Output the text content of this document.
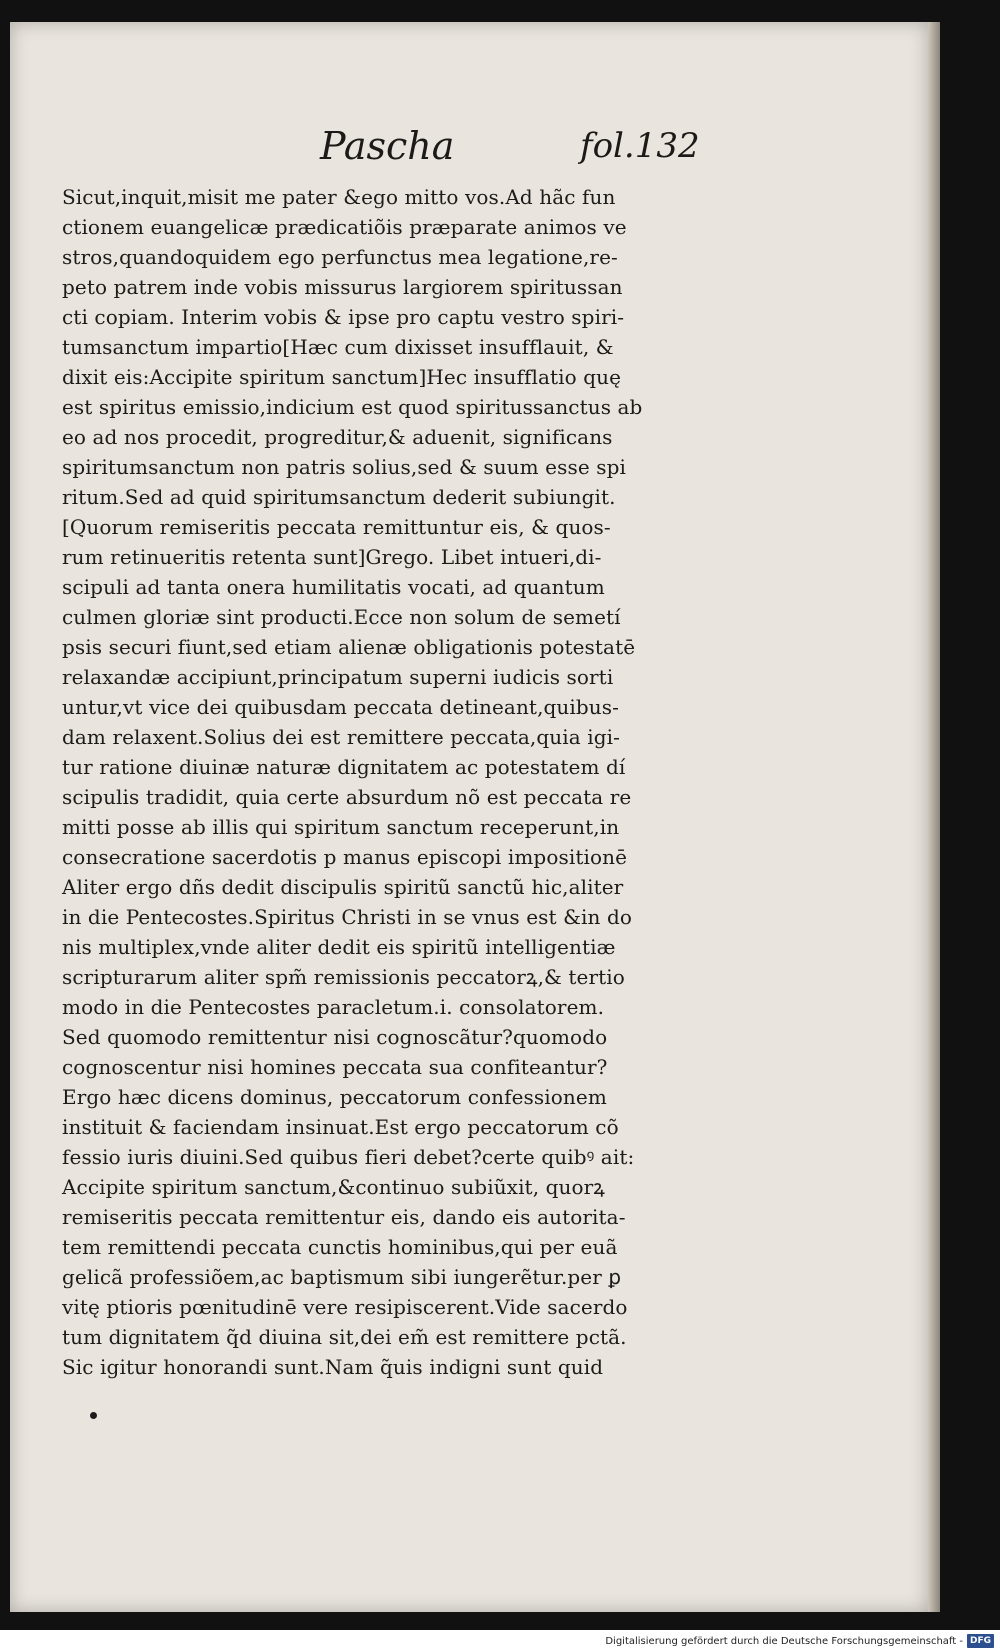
Pascha	fol.132
Sicut,inquit,misit me pater &ego mitto vos.Ad hãc fun
ctionem euangelicæ prædicatiõis præparate animos ve
stros,quandoquidem ego perfunctus mea legatione,re-
peto patrem inde vobis missurus largiorem spiritussan
cti copiam. Interim vobis & ipse pro captu vestro spiri-
tumsanctum impartio[Hæc cum dixisset insufflauit, &
dixit eis:Accipite spiritum sanctum]Hec insufflatio quę
est spiritus emissio,indicium est quod spiritussanctus ab
eo ad nos procedit, progreditur,& aduenit, significans
spiritumsanctum non patris solius,sed & suum esse spi
ritum.Sed ad quid spiritumsanctum dederit subiungit.
[Quorum remiseritis peccata remittuntur eis, & quos-
rum retinueritis retenta sunt]Grego. Libet intueri,di-
scipuli ad tanta onera humilitatis vocati, ad quantum
culmen gloriæ sint producti.Ecce non solum de semetí
psis securi fiunt,sed etiam alienæ obligationis potestatē
relaxandæ accipiunt,principatum superni iudicis sorti
untur,vt vice dei quibusdam peccata detineant,quibus-
dam relaxent.Solius dei est remittere peccata,quia igi-
tur ratione diuinæ naturæ dignitatem ac potestatem dí
scipulis tradidit, quia certe absurdum nõ est peccata re
mitti posse ab illis qui spiritum sanctum receperunt,in
consecratione sacerdotis p manus episcopi impositionē
Aliter ergo dñs dedit discipulis spiritũ sanctũ hic,aliter
in die Pentecostes.Spiritus Christi in se vnus est &in do
nis multiplex,vnde aliter dedit eis spiritũ intelligentiæ
scripturarum aliter spm̃ remissionis peccatorꝝ,& tertio
modo in die Pentecostes paracletum.i. consolatorem.
Sed quomodo remittentur nisi cognoscãtur?quomodo
cognoscentur nisi homines peccata sua confiteantur?
Ergo hæc dicens dominus, peccatorum confessionem
instituit & faciendam insinuat.Est ergo peccatorum cõ
fessio iuris diuini.Sed quibus fieri debet?certe quibꝰ ait:
Accipite spiritum sanctum,&continuo subiũxit, quorꝝ
remiseritis peccata remittentur eis, dando eis autorita-
tem remittendi peccata cunctis hominibus,qui per euã
gelicã professiõem,ac baptismum sibi iungerẽtur.per ꝑ
vitę ptioris pœnitudinē vere resipiscerent.Vide sacerdo
tum dignitatem q̃d diuina sit,dei em̃ est remittere pctã.
Sic igitur honorandi sunt.Nam q̃uis indigni sunt quid
Digitalisierung gefördert durch die Deutsche Forschungsgemeinschaft - DFG
